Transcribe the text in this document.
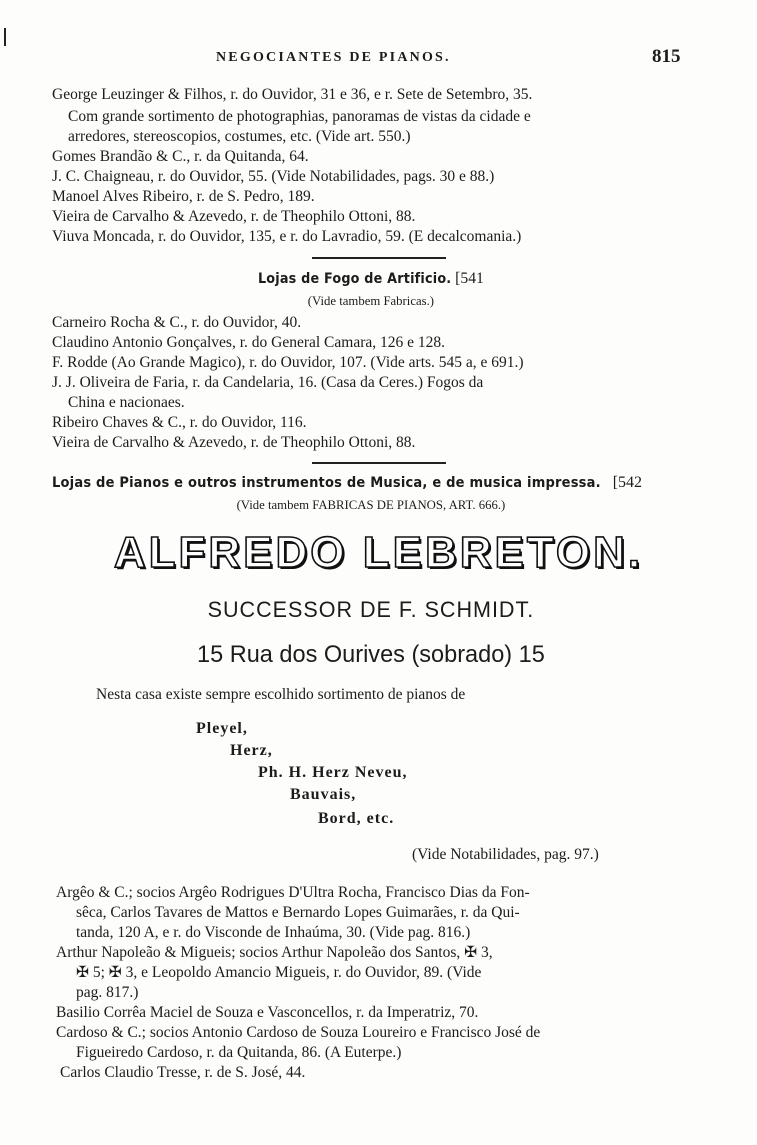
NEGOCIANTES DE PIANOS.	815
George Leuzinger & Filhos, r. do Ouvidor, 31 e 36, e r. Sete de Setembro, 35.
Com grande sortimento de photographias, panoramas de vistas da cidade e
arredores, stereoscopios, costumes, etc. (Vide art. 550.)
Gomes Brandão & C., r. da Quitanda, 64.
J. C. Chaigneau, r. do Ouvidor, 55. (Vide Notabilidades, pags. 30 e 88.)
Manoel Alves Ribeiro, r. de S. Pedro, 189.
Vieira de Carvalho & Azevedo, r. de Theophilo Ottoni, 88.
Viuva Moncada, r. do Ouvidor, 135, e r. do Lavradio, 59. (E decalcomania.)
Lojas de Fogo de Artificio. [541
(Vide tambem Fabricas.)
Carneiro Rocha & C., r. do Ouvidor, 40.
Claudino Antonio Gonçalves, r. do General Camara, 126 e 128.
F. Rodde (Ao Grande Magico), r. do Ouvidor, 107. (Vide arts. 545 a, e 691.)
J. J. Oliveira de Faria, r. da Candelaria, 16. (Casa da Ceres.) Fogos da
China e nacionaes.
Ribeiro Chaves & C., r. do Ouvidor, 116.
Vieira de Carvalho & Azevedo, r. de Theophilo Ottoni, 88.
Lojas de Pianos e outros instrumentos de Musica, e de musica impressa. [542
(Vide tambem FABRICAS DE PIANOS, ART. 666.)
ALFREDO LEBRETON.
SUCCESSOR DE F. SCHMIDT.
15 Rua dos Ourives (sobrado) 15
Nesta casa existe sempre escolhido sortimento de pianos de
Pleyel,
Herz,
Ph. H. Herz Neveu,
Bauvais,
Bord, etc.
(Vide Notabilidades, pag. 97.)
Argêo & C.; socios Argêo Rodrigues D'Ultra Rocha, Francisco Dias da Fon-
sêca, Carlos Tavares de Mattos e Bernardo Lopes Guimarães, r. da Qui-
tanda, 120 A, e r. do Visconde de Inhaúma, 30. (Vide pag. 816.)
Arthur Napoleão & Migueis; socios Arthur Napoleão dos Santos, ✠ 3,
✠ 5; ✠ 3, e Leopoldo Amancio Migueis, r. do Ouvidor, 89. (Vide
pag. 817.)
Basilio Corrêa Maciel de Souza e Vasconcellos, r. da Imperatriz, 70.
Cardoso & C.; socios Antonio Cardoso de Souza Loureiro e Francisco José de
Figueiredo Cardoso, r. da Quitanda, 86. (A Euterpe.)
Carlos Claudio Tresse, r. de S. José, 44.
